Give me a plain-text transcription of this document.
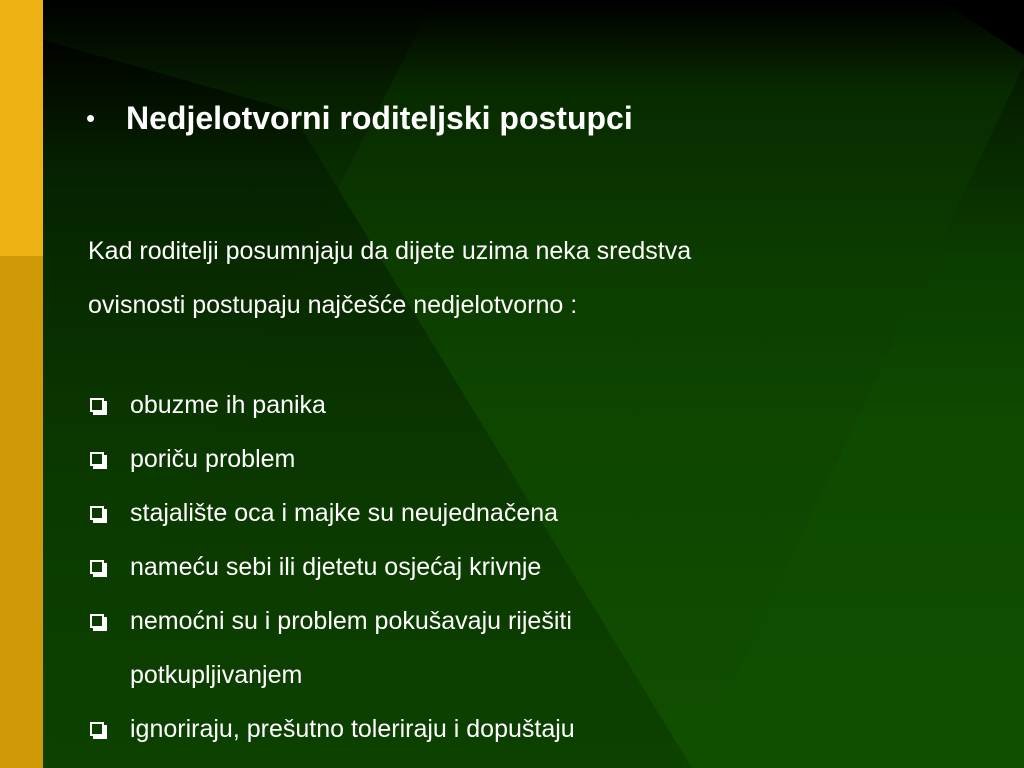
• Nedjelotvorni roditeljski postupci

Kad roditelji posumnjaju da dijete uzima neka sredstva

ovisnosti postupaju najčešće nedjelotvorno :

obuzme ih panika
poriču problem
stajalište oca i majke su neujednačena
nameću sebi ili djetetu osjećaj krivnje
nemoćni su i problem pokušavaju riješiti
potkupljivanjem
ignoriraju, prešutno toleriraju i dopuštaju
